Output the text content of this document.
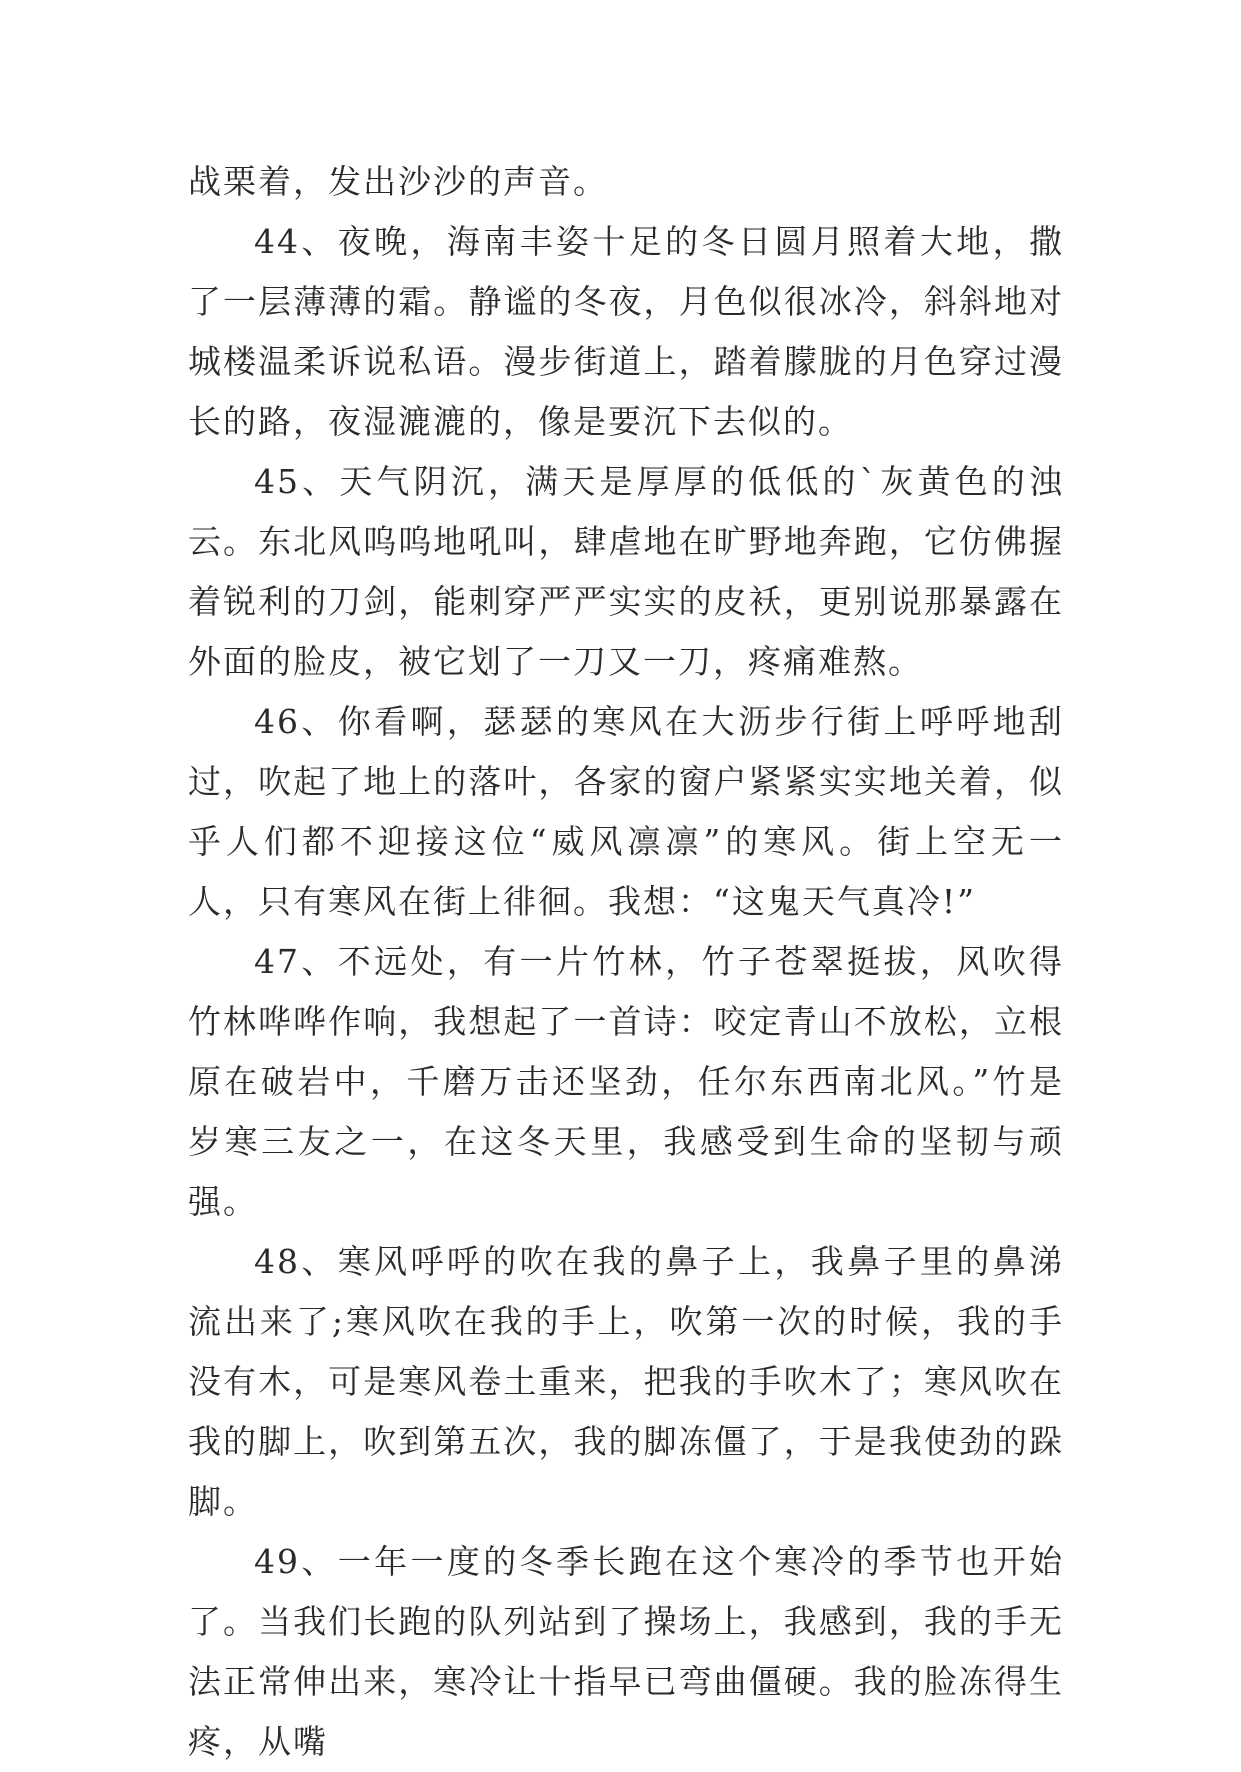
战栗着，发出沙沙的声音。

44、夜晚，海南丰姿十足的冬日圆月照着大地，撒了一层薄薄的霜。静谧的冬夜，月色似很冰冷，斜斜地对城楼温柔诉说私语。漫步街道上，踏着朦胧的月色穿过漫长的路，夜湿漉漉的，像是要沉下去似的。

45、天气阴沉，满天是厚厚的低低的`灰黄色的浊云。东北风呜呜地吼叫，肆虐地在旷野地奔跑，它仿佛握着锐利的刀剑，能刺穿严严实实的皮袄，更别说那暴露在外面的脸皮，被它划了一刀又一刀，疼痛难熬。

46、你看啊，瑟瑟的寒风在大沥步行街上呼呼地刮过，吹起了地上的落叶，各家的窗户紧紧实实地关着，似乎人们都不迎接这位“威风凛凛”的寒风。街上空无一人，只有寒风在街上徘徊。我想：“这鬼天气真冷!”

47、不远处，有一片竹林，竹子苍翠挺拔，风吹得竹林哗哗作响，我想起了一首诗：咬定青山不放松，立根原在破岩中，千磨万击还坚劲，任尔东西南北风。”竹是岁寒三友之一，在这冬天里，我感受到生命的坚韧与顽强。

48、寒风呼呼的吹在我的鼻子上，我鼻子里的鼻涕流出来了;寒风吹在我的手上，吹第一次的时候，我的手没有木，可是寒风卷土重来，把我的手吹木了；寒风吹在我的脚上，吹到第五次，我的脚冻僵了，于是我使劲的跺脚。

49、一年一度的冬季长跑在这个寒冷的季节也开始了。当我们长跑的队列站到了操场上，我感到，我的手无法正常伸出来，寒冷让十指早已弯曲僵硬。我的脸冻得生疼，从嘴
